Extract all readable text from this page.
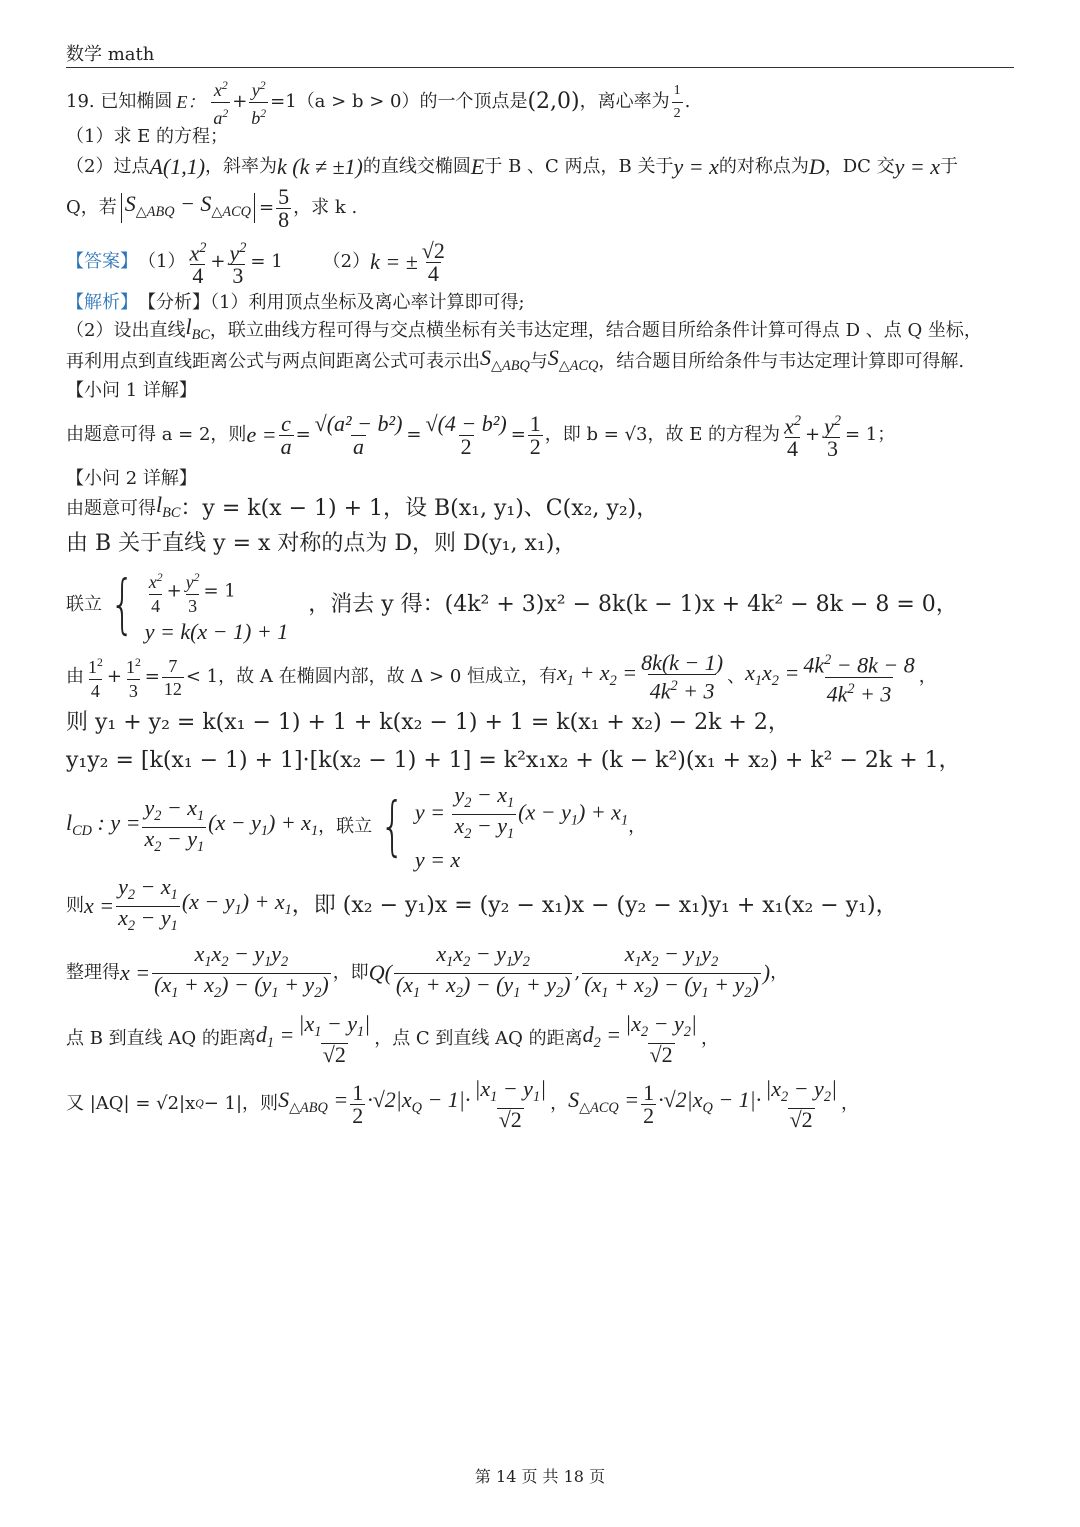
数学 math
19. 已知椭圆 E： $\frac{x^2}{a^2} + \frac{y^2}{b^2} =1$ （a > b > 0）的一个顶点是 (2,0) ，离心率为 $\frac{1}{2}$ .
（1）求 E 的方程；
（2）过点 A(1,1) ，斜率为 k (k ≠ ±1) 的直线交椭圆 E 于 B 、C 两点，B 关于 y = x 的对称点为 D ，DC 交 y = x 于
Q，若 $S_{\triangle ABQ} - S_{\triangle ACQ} = \frac{5}{8}$ ，求 k .
【答案】 $(1) \frac{x^2}{4} + \frac{y^2}{3} = 1$ （2） k = ± $\frac{√2}{4}$
【解析】 【分析】（1）利用顶点坐标及离心率计算即可得;
（2）设出直线 $l_{BC}$ ，联立曲线方程可得与交点横坐标有关韦达定理，结合题目所给条件计算可得点 D 、点 Q 坐标，
再利用点到直线距离公式与两点间距离公式可表示出 $S_{\triangle ABQ}$ 与 $S_{\triangle ACQ}$ ，结合题目所给条件与韦达定理计算即可得解.
【小问 1 详解】
由题意可得 a = 2，则 $e = \frac{c}{a} = \frac{\text{√(a² − b²)}}{a} = \frac{\text{√(4 − b²)}}{2} = \frac{1}{2}$ ，即 b = √3，故 E 的方程为 $\frac{x^2}{4} + \frac{y^2}{3} = 1$ ；
【小问 2 详解】
由题意可得 $l_{BC}$ ：y = k(x − 1) + 1，设 B(x₁, y₁)、C(x₂, y₂)，
由 B 关于直线 y = x 对称的点为 D，则 D(y₁, x₁)，
联立 { $\frac{x^2}{4} + \frac{y^2}{3} = 1$
y = k(x − 1) + 1
，消去 y 得：(4k² + 3)x² − 8k(k − 1)x + 4k² − 8k − 8 = 0，
由 $\frac{1^2}{4} + \frac{1^2}{3} = \frac{7}{12} < 1$ ，故 A 在椭圆内部，故 Δ > 0 恒成立，有 $x_1 + x_2 = \frac{8k(k - 1)}{4k^2 + 3}$ 、 $x_1x_2 = \frac{4k^2 - 8k - 8}{4k^2 + 3}$ ，
则 y₁ + y₂ = k(x₁ − 1) + 1 + k(x₂ − 1) + 1 = k(x₁ + x₂) − 2k + 2，
y₁y₂ = [k(x₁ − 1) + 1]·[k(x₂ − 1) + 1] = k²x₁x₂ + (k − k²)(x₁ + x₂) + k² − 2k + 1，
$l_{CD}$ : $y = \frac{y_2 - x_1}{x_2 - y_1} (x - y_1) + x_1$ ，联立 { $y = \frac{y_2 - x_1}{x_2 - y_1} (x - y_1) + x_1$
y = x
，
则 $x = \frac{y_2 - x_1}{x_2 - y_1} (x - y_1) + x_1$ ，即 (x₂ − y₁)x = (y₂ − x₁)x − (y₂ − x₁)y₁ + x₁(x₂ − y₁)，
整理得 $x = \frac{x_1x_2 - y_1y_2}{(x_1 + x_2) - (y_1 + y_2)}$ ，即 $Q( \frac{x_1x_2 - y_1y_2}{(x_1 + x_2) - (y_1 + y_2)}$ , $\frac{x_1x_2 - y_1y_2}{(x_1 + x_2) - (y_1 + y_2)}$ ) ，
点 B 到直线 AQ 的距离 $d_1 = \frac{|x_1 - y_1|}{√2}$ ，点 C 到直线 AQ 的距离 $d_2 = \frac{|x_2 - y_2|}{√2}$ ，
又 |AQ| = √2|x Q − 1|，则 $S_{\triangle ABQ} = \frac{1}{2} \cdot√2|x_Q - 1|\cdot \frac{|x_1 - y_1|}{√2}$ ， $S_{\triangle ACQ} = \frac{1}{2} \cdot√2|x_Q - 1|\cdot \frac{|x_2 - y_2|}{√2}$ ，
第 14 页 共 18 页
